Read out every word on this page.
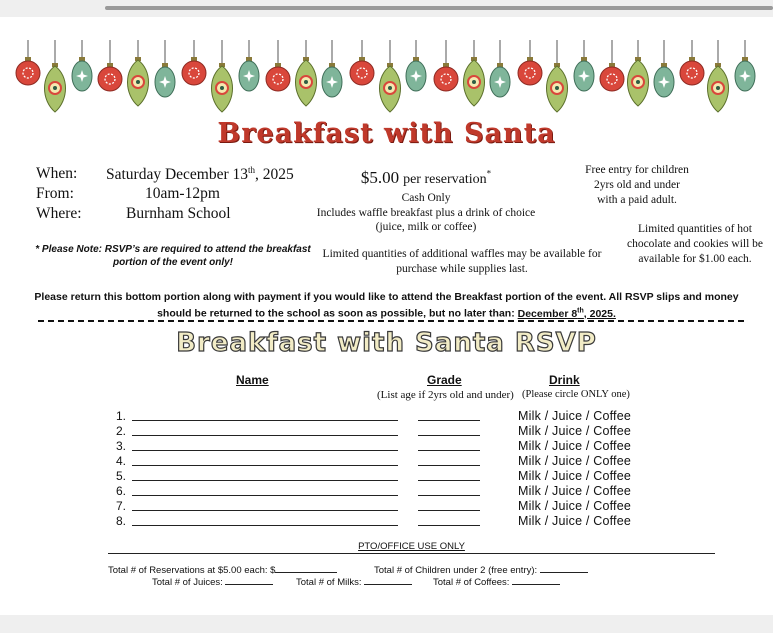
Breakfast with Santa
When: Saturday December 13th, 2025
From:	10am-12pm
Where:	Burnham School
* Please Note: RSVP’s are required to attend the breakfast
portion of the event only!
$5.00 per reservation*
Cash Only
Includes waffle breakfast plus a drink of choice
(juice, milk or coffee)
Limited quantities of additional waffles may be available for
purchase while supplies last.
Free entry for children
2yrs old and under
with a paid adult.
Limited quantities of hot
chocolate and cookies will be
available for $1.00 each.
Please return this bottom portion along with payment if you would like to attend the Breakfast portion of the event. All RSVP slips and money
should be returned to the school as soon as possible, but no later than: December 8th, 2025.
Breakfast with Santa RSVP
Name	Grade
(List age if 2yrs old and under)
Drink
(Please circle ONLY one)
1.	Milk / Juice / Coffee
2.	Milk / Juice / Coffee
3.	Milk / Juice / Coffee
4.	Milk / Juice / Coffee
5.	Milk / Juice / Coffee
6.	Milk / Juice / Coffee
7.	Milk / Juice / Coffee
8.	Milk / Juice / Coffee
PTO/OFFICE USE ONLY
Total # of Reservations at $5.00 each: $	Total # of Children under 2 (free entry):
Total # of Juices:	Total # of Milks:	Total # of Coffees:
